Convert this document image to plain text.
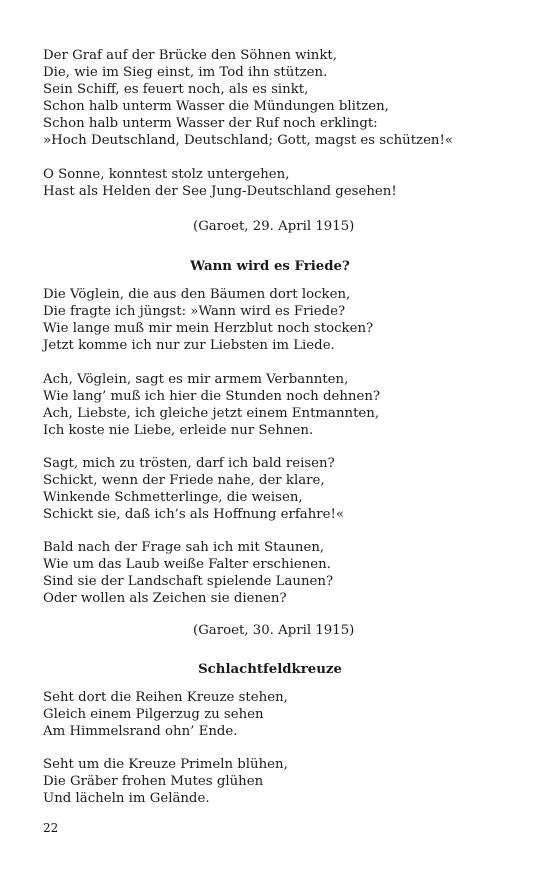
Der Graf auf der Brücke den Söhnen winkt,
Die, wie im Sieg einst, im Tod ihn stützen.
Sein Schiff, es feuert noch, als es sinkt,
Schon halb unterm Wasser die Mündungen blitzen,
Schon halb unterm Wasser der Ruf noch erklingt:
»Hoch Deutschland, Deutschland; Gott, magst es schützen!«
O Sonne, konntest stolz untergehen,
Hast als Helden der See Jung-Deutschland gesehen!
(Garoet, 29. April 1915)
Wann wird es Friede?
Die Vöglein, die aus den Bäumen dort locken,
Die fragte ich jüngst: »Wann wird es Friede?
Wie lange muß mir mein Herzblut noch stocken?
Jetzt komme ich nur zur Liebsten im Liede.
Ach, Vöglein, sagt es mir armem Verbannten,
Wie lang’ muß ich hier die Stunden noch dehnen?
Ach, Liebste, ich gleiche jetzt einem Entmannten,
Ich koste nie Liebe, erleide nur Sehnen.
Sagt, mich zu trösten, darf ich bald reisen?
Schickt, wenn der Friede nahe, der klare,
Winkende Schmetterlinge, die weisen,
Schickt sie, daß ich’s als Hoffnung erfahre!«
Bald nach der Frage sah ich mit Staunen,
Wie um das Laub weiße Falter erschienen.
Sind sie der Landschaft spielende Launen?
Oder wollen als Zeichen sie dienen?
(Garoet, 30. April 1915)
Schlachtfeldkreuze
Seht dort die Reihen Kreuze stehen,
Gleich einem Pilgerzug zu sehen
Am Himmelsrand ohn’ Ende.
Seht um die Kreuze Primeln blühen,
Die Gräber frohen Mutes glühen
Und lächeln im Gelände.
22
